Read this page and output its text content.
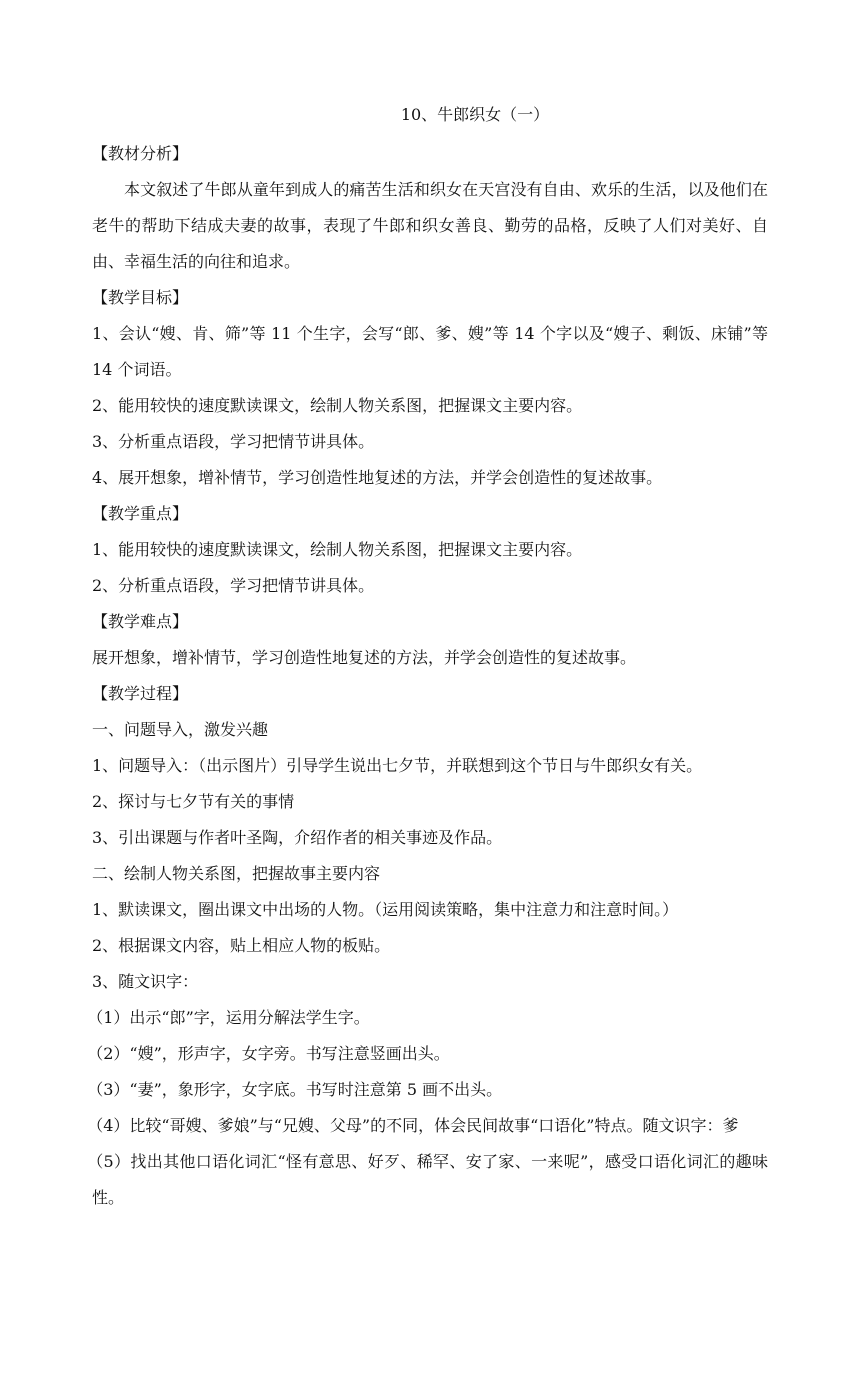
10、牛郎织女（一）
【教材分析】
本文叙述了牛郎从童年到成人的痛苦生活和织女在天宫没有自由、欢乐的生活，以及他们在老牛的帮助下结成夫妻的故事，表现了牛郎和织女善良、勤劳的品格，反映了人们对美好、自由、幸福生活的向往和追求。
【教学目标】
1、会认“嫂、肯、筛”等 11 个生字，会写“郎、爹、嫂”等 14 个字以及“嫂子、剩饭、床铺”等 14 个词语。
2、能用较快的速度默读课文，绘制人物关系图，把握课文主要内容。
3、分析重点语段，学习把情节讲具体。
4、展开想象，增补情节，学习创造性地复述的方法，并学会创造性的复述故事。
【教学重点】
1、能用较快的速度默读课文，绘制人物关系图，把握课文主要内容。
2、分析重点语段，学习把情节讲具体。
【教学难点】
展开想象，增补情节，学习创造性地复述的方法，并学会创造性的复述故事。
【教学过程】
一、问题导入，激发兴趣
1、问题导入：（出示图片）引导学生说出七夕节，并联想到这个节日与牛郎织女有关。
2、探讨与七夕节有关的事情
3、引出课题与作者叶圣陶，介绍作者的相关事迹及作品。
二、绘制人物关系图，把握故事主要内容
1、默读课文，圈出课文中出场的人物。（运用阅读策略，集中注意力和注意时间。）
2、根据课文内容，贴上相应人物的板贴。
3、随文识字：
（1）出示“郎”字，运用分解法学生字。
（2）“嫂”，形声字，女字旁。书写注意竖画出头。
（3）“妻”，象形字，女字底。书写时注意第 5 画不出头。
（4）比较“哥嫂、爹娘”与“兄嫂、父母”的不同，体会民间故事“口语化”特点。随文识字：爹
（5）找出其他口语化词汇“怪有意思、好歹、稀罕、安了家、一来呢”，感受口语化词汇的趣味性。
